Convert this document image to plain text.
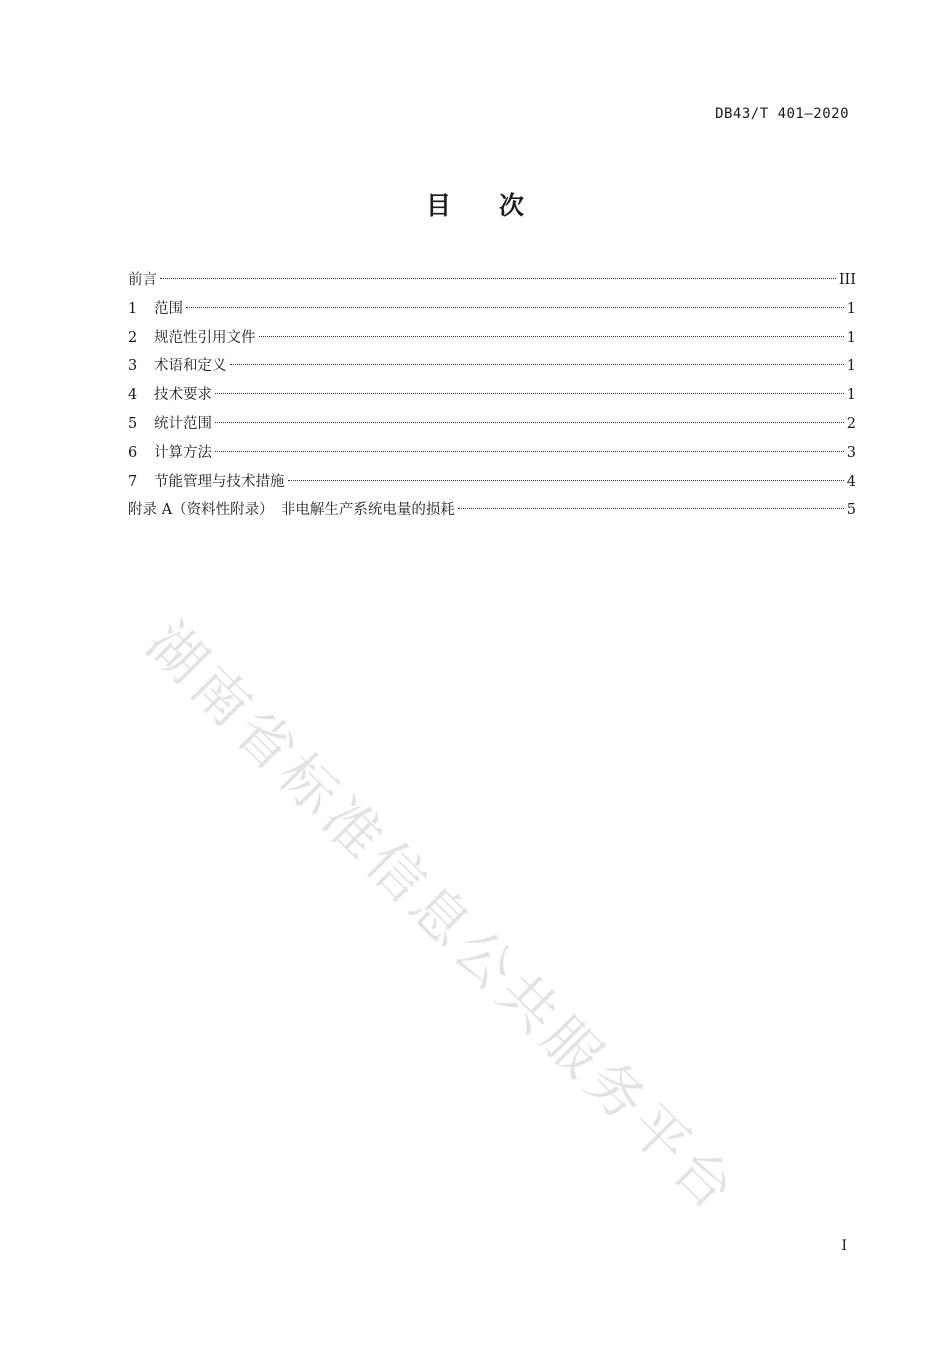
湖南省标准信息公共服务平台
DB43/T 401—2020
目 次
前言	III
1	范围	1
2	规范性引用文件	1
3	术语和定义	1
4	技术要求	1
5	统计范围	2
6	计算方法	3
7	节能管理与技术措施	4
附录 A（资料性附录）　非电解生产系统电量的损耗	5
I
